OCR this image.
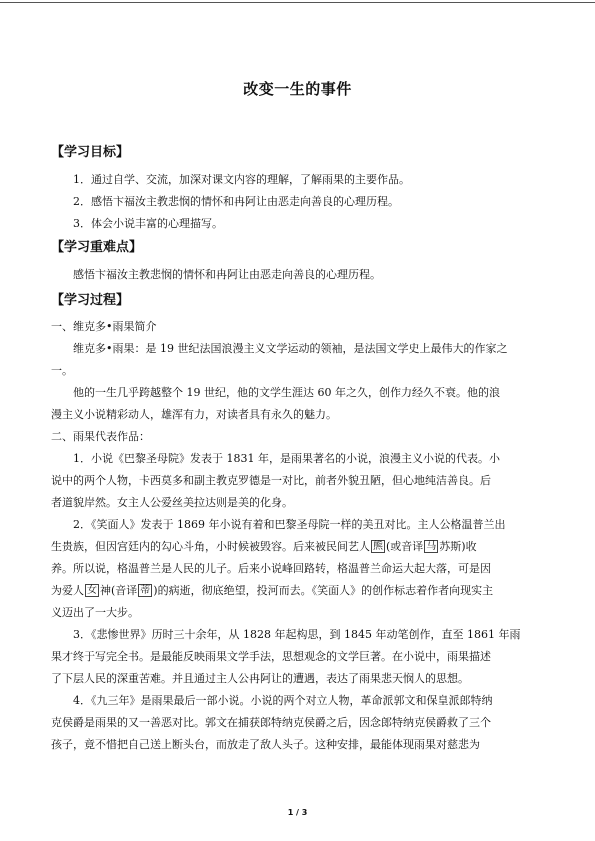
改变一生的事件
【学习目标】
1．通过自学、交流，加深对课文内容的理解，了解雨果的主要作品。
2．感悟卞福汝主教悲悯的情怀和冉阿让由恶走向善良的心理历程。
3．体会小说丰富的心理描写。
【学习重难点】

感悟卞福汝主教悲悯的情怀和冉阿让由恶走向善良的心理历程。

【学习过程】

一、维克多•雨果简介

维克多•雨果：是 19 世纪法国浪漫主义文学运动的领袖，是法国文学史上最伟大的作家之
一。

他的一生几乎跨越整个 19 世纪，他的文学生涯达 60 年之久，创作力经久不衰。他的浪
漫主义小说精彩动人，雄浑有力，对读者具有永久的魅力。

二、雨果代表作品：

1．小说《巴黎圣母院》发表于 1831 年，是雨果著名的小说，浪漫主义小说的代表。小
说中的两个人物，卡西莫多和副主教克罗德是一对比，前者外貌丑陋，但心地纯洁善良。后
者道貌岸然。女主人公爱丝美拉达则是美的化身。

2．《笑面人》发表于 1869 年小说有着和巴黎圣母院一样的美丑对比。主人公格温普兰出
生贵族，但因宫廷内的勾心斗角，小时候被毁容。后来被民间艺人 熊 (或音译 马 苏斯)收
养。所以说，格温普兰是人民的儿子。后来小说峰回路转，格温普兰命运大起大落，可是因
为爱人 女 神(音译 蒂 )的病逝，彻底绝望，投河而去。《笑面人》的创作标志着作者向现实主
义迈出了一大步。

3．《悲惨世界》历时三十余年，从 1828 年起构思，到 1845 年动笔创作，直至 1861 年雨
果才终于写完全书。是最能反映雨果文学手法，思想观念的文学巨著。在小说中，雨果描述
了下层人民的深重苦难。并且通过主人公冉阿让的遭遇，表达了雨果悲天悯人的思想。

4．《九三年》是雨果最后一部小说。小说的两个对立人物，革命派郭文和保皇派郎特纳
克侯爵是雨果的又一善恶对比。郭文在捕获郎特纳克侯爵之后，因念郎特纳克侯爵救了三个
孩子，竟不惜把自己送上断头台，而放走了敌人头子。这种安排，最能体现雨果对慈悲为

1 / 3
